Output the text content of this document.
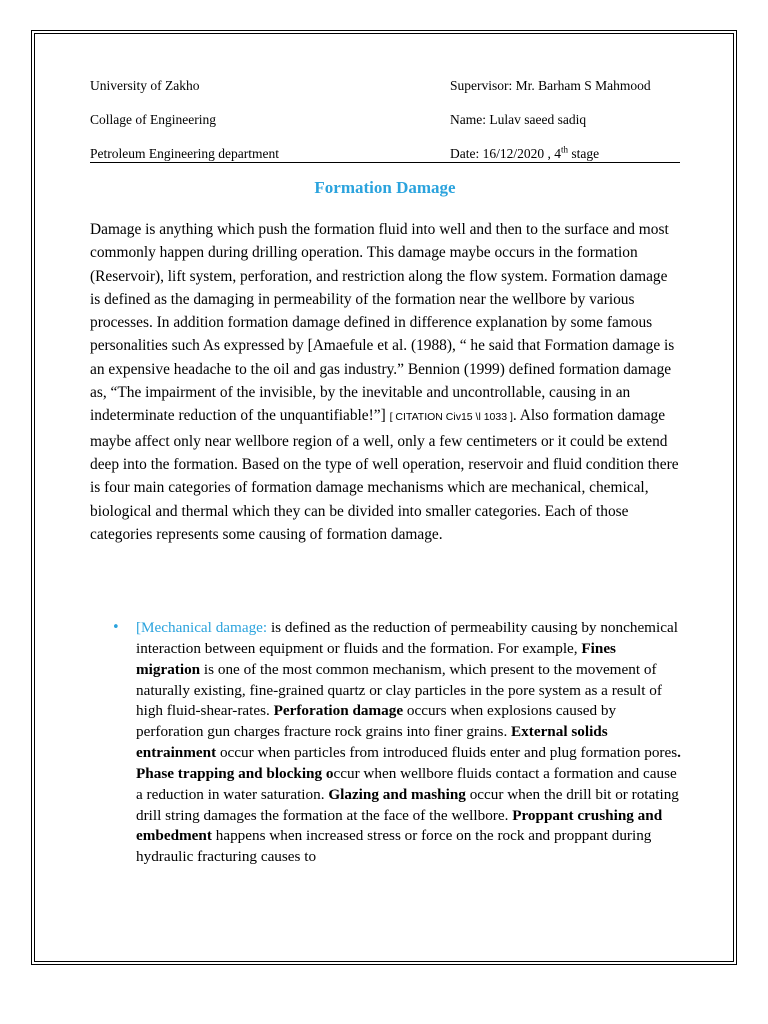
University of Zakho	Supervisor: Mr. Barham S Mahmood
Collage of Engineering	Name: Lulav saeed sadiq
Petroleum Engineering department	Date: 16/12/2020 , 4th stage
Formation Damage

Damage is anything which push the formation fluid into well and then to the surface and most commonly happen during drilling operation. This damage maybe occurs in the formation (Reservoir), lift system, perforation, and restriction along the flow system. Formation damage is defined as the damaging in permeability of the formation near the wellbore by various processes. In addition formation damage defined in difference explanation by some famous personalities such As expressed by [Amaefule et al. (1988), “ he said that Formation damage is an expensive headache to the oil and gas industry.” Bennion (1999) defined formation damage as, “The impairment of the invisible, by the inevitable and uncontrollable, causing in an indeterminate reduction of the unquantifiable!”] [ CITATION Civ15 \l 1033 ]. Also formation damage maybe affect only near wellbore region of a well, only a few centimeters or it could be extend deep into the formation. Based on the type of well operation, reservoir and fluid condition there is four main categories of formation damage mechanisms which are mechanical, chemical, biological and thermal which they can be divided into smaller categories. Each of those categories represents some causing of formation damage.

• [Mechanical damage: is defined as the reduction of permeability causing by nonchemical interaction between equipment or fluids and the formation. For example, Fines migration is one of the most common mechanism, which present to the movement of naturally existing, fine-grained quartz or clay particles in the pore system as a result of high fluid-shear-rates. Perforation damage occurs when explosions caused by perforation gun charges fracture rock grains into finer grains. External solids entrainment occur when particles from introduced fluids enter and plug formation pores. Phase trapping and blocking occur when wellbore fluids contact a formation and cause a reduction in water saturation. Glazing and mashing occur when the drill bit or rotating drill string damages the formation at the face of the wellbore. Proppant crushing and embedment happens when increased stress or force on the rock and proppant during hydraulic fracturing causes to
